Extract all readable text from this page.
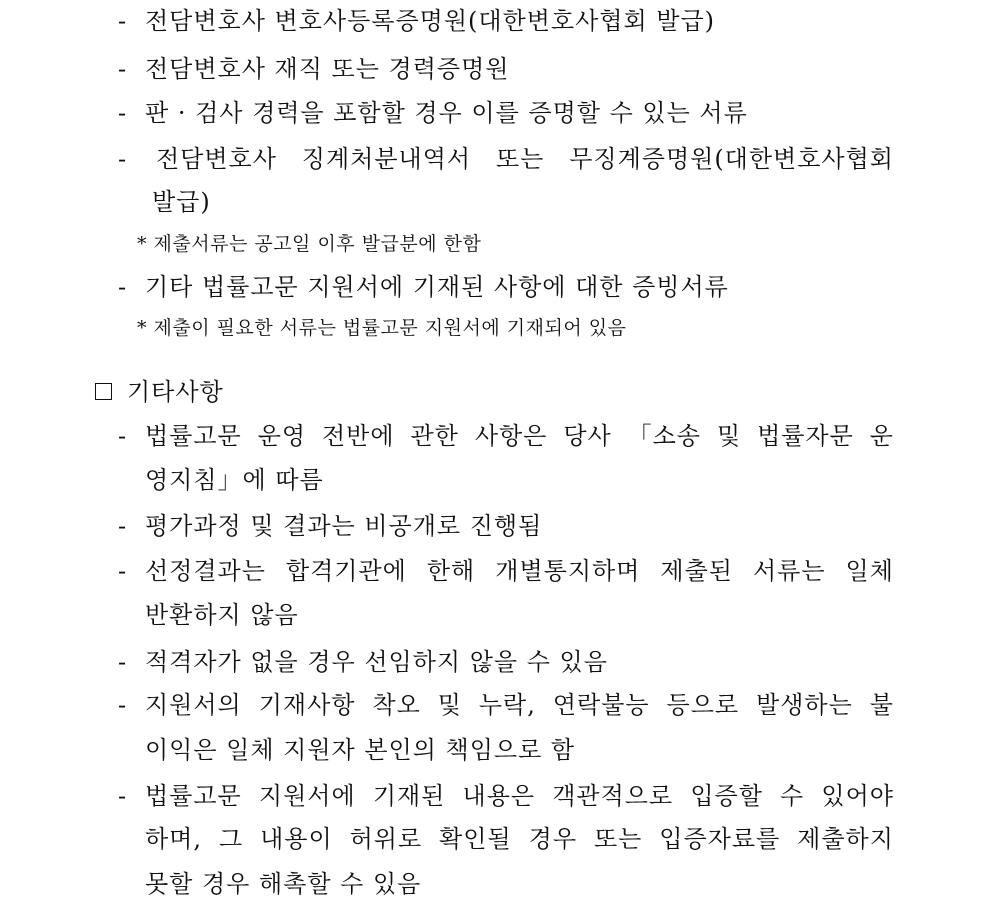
- 전담변호사 변호사등록증명원(대한변호사협회 발급)
- 전담변호사 재직 또는 경력증명원
- 판 · 검사 경력을 포함할 경우 이를 증명할 수 있는 서류
- 전담변호사 징계처분내역서 또는 무징계증명원(대한변호사협회
발급)
* 제출서류는 공고일 이후 발급분에 한함
- 기타 법률고문 지원서에 기재된 사항에 대한 증빙서류
* 제출이 필요한 서류는 법률고문 지원서에 기재되어 있음
기타사항
- 법률고문 운영 전반에 관한 사항은 당사 「소송 및 법률자문 운
영지침」에 따름
- 평가과정 및 결과는 비공개로 진행됨
- 선정결과는 합격기관에 한해 개별통지하며 제출된 서류는 일체
반환하지 않음
- 적격자가 없을 경우 선임하지 않을 수 있음
- 지원서의 기재사항 착오 및 누락, 연락불능 등으로 발생하는 불
이익은 일체 지원자 본인의 책임으로 함
- 법률고문 지원서에 기재된 내용은 객관적으로 입증할 수 있어야
하며, 그 내용이 허위로 확인될 경우 또는 입증자료를 제출하지
못할 경우 해촉할 수 있음
